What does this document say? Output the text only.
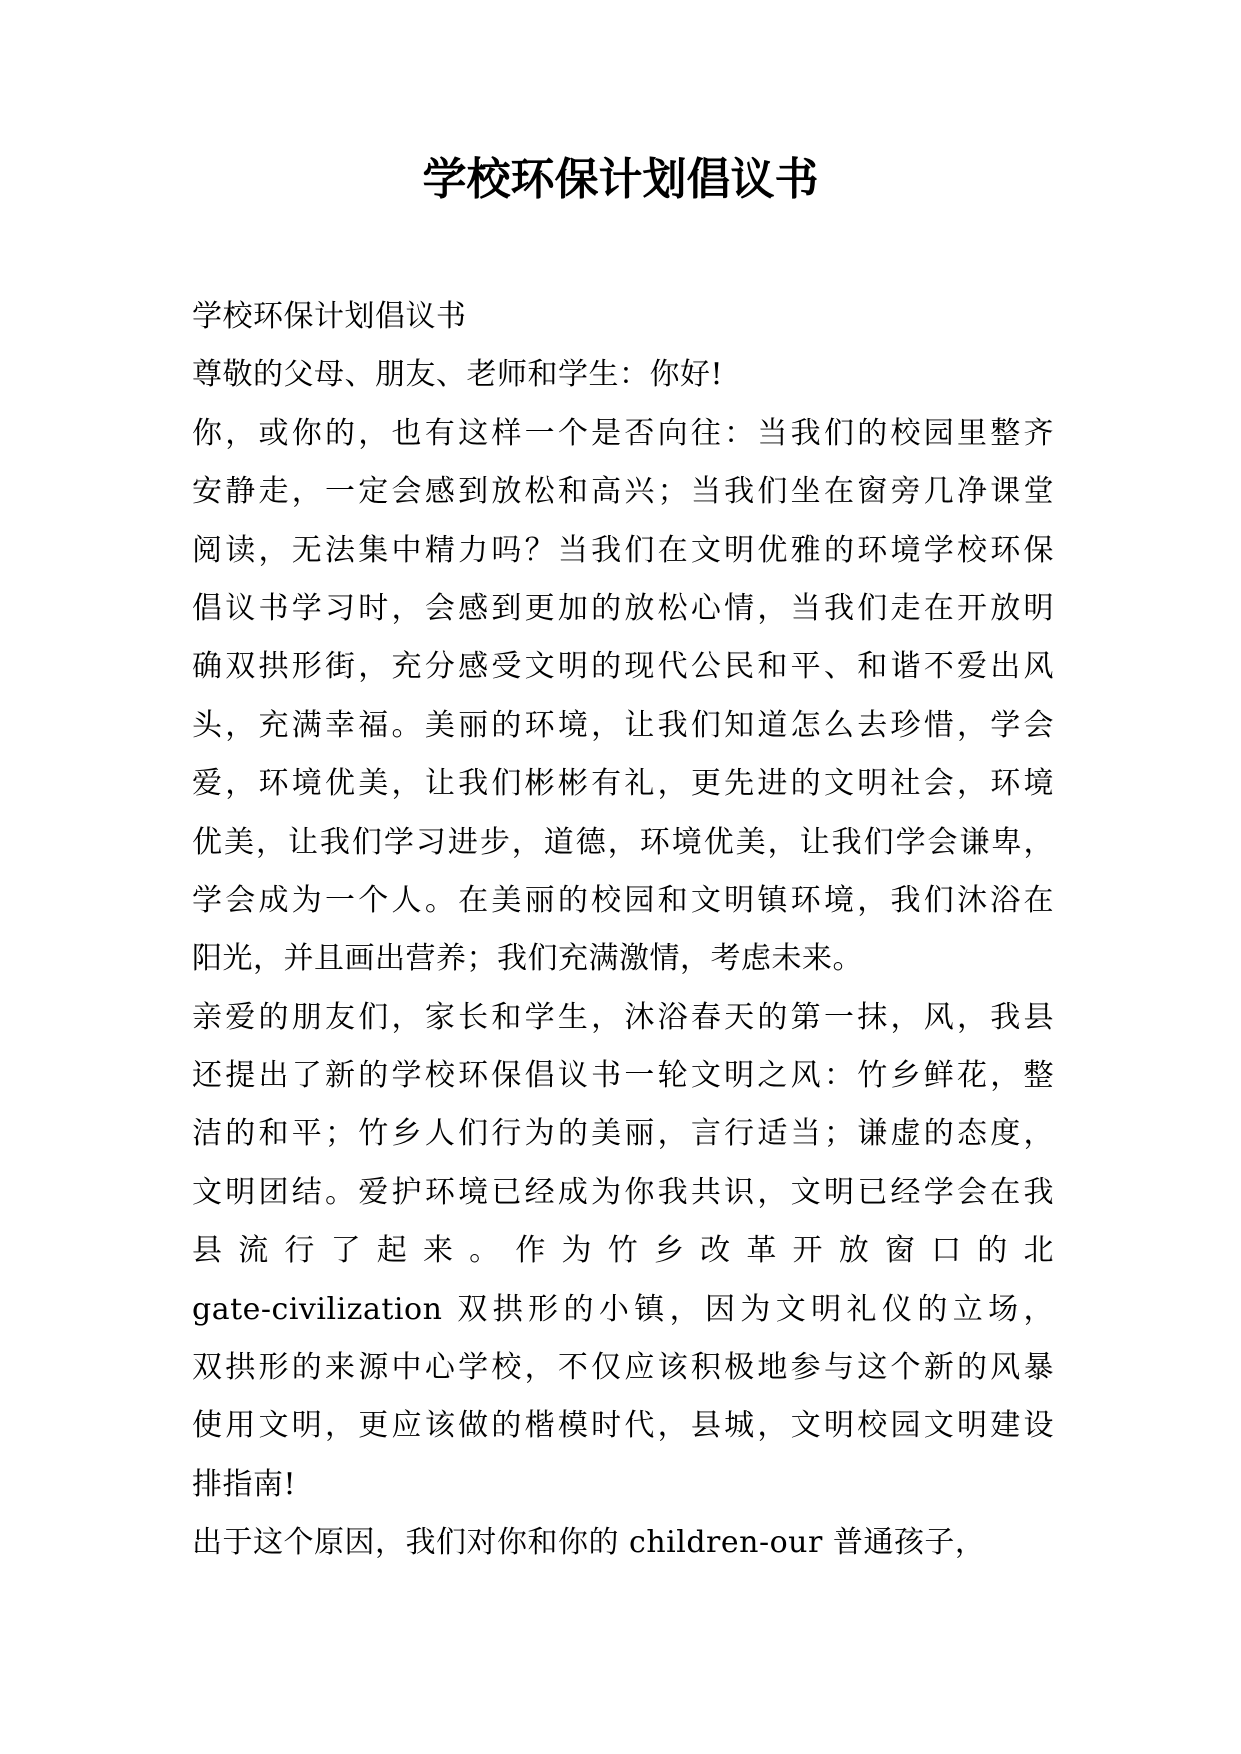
学校环保计划倡议书
学校环保计划倡议书
尊敬的父母、朋友、老师和学生：你好!
你，或你的，也有这样一个是否向往：当我们的校园里整齐
安静走，一定会感到放松和高兴；当我们坐在窗旁几净课堂
阅读，无法集中精力吗？当我们在文明优雅的环境学校环保
倡议书学习时，会感到更加的放松心情，当我们走在开放明
确双拱形街，充分感受文明的现代公民和平、和谐不爱出风
头，充满幸福。美丽的环境，让我们知道怎么去珍惜，学会
爱，环境优美，让我们彬彬有礼，更先进的文明社会，环境
优美，让我们学习进步，道德，环境优美，让我们学会谦卑，
学会成为一个人。在美丽的校园和文明镇环境，我们沐浴在
阳光，并且画出营养；我们充满激情，考虑未来。
亲爱的朋友们，家长和学生，沐浴春天的第一抹，风，我县
还提出了新的学校环保倡议书一轮文明之风：竹乡鲜花，整
洁的和平；竹乡人们行为的美丽，言行适当；谦虚的态度，
文明团结。爱护环境已经成为你我共识，文明已经学会在我
县 流 行 了 起 来 。 作 为 竹 乡 改 革 开 放 窗 口 的 北
gate-civilization 双拱形的小镇，因为文明礼仪的立场，
双拱形的来源中心学校，不仅应该积极地参与这个新的风暴
使用文明，更应该做的楷模时代，县城，文明校园文明建设
排指南!
出于这个原因，我们对你和你的 children-our 普通孩子，
